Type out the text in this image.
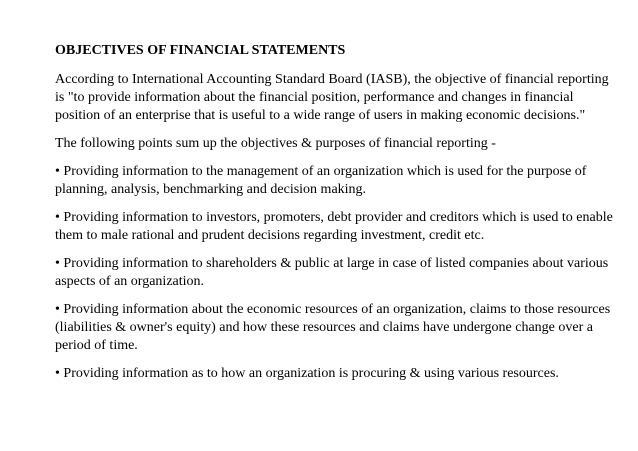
OBJECTIVES OF FINANCIAL STATEMENTS

According to International Accounting Standard Board (IASB), the objective of financial reporting is "to provide information about the financial position, performance and changes in financial position of an enterprise that is useful to a wide range of users in making economic decisions."

The following points sum up the objectives & purposes of financial reporting -

• Providing information to the management of an organization which is used for the purpose of planning, analysis, benchmarking and decision making.

• Providing information to investors, promoters, debt provider and creditors which is used to enable them to male rational and prudent decisions regarding investment, credit etc.

• Providing information to shareholders & public at large in case of listed companies about various aspects of an organization.

• Providing information about the economic resources of an organization, claims to those resources (liabilities & owner's equity) and how these resources and claims have undergone change over a period of time.

• Providing information as to how an organization is procuring & using various resources.
